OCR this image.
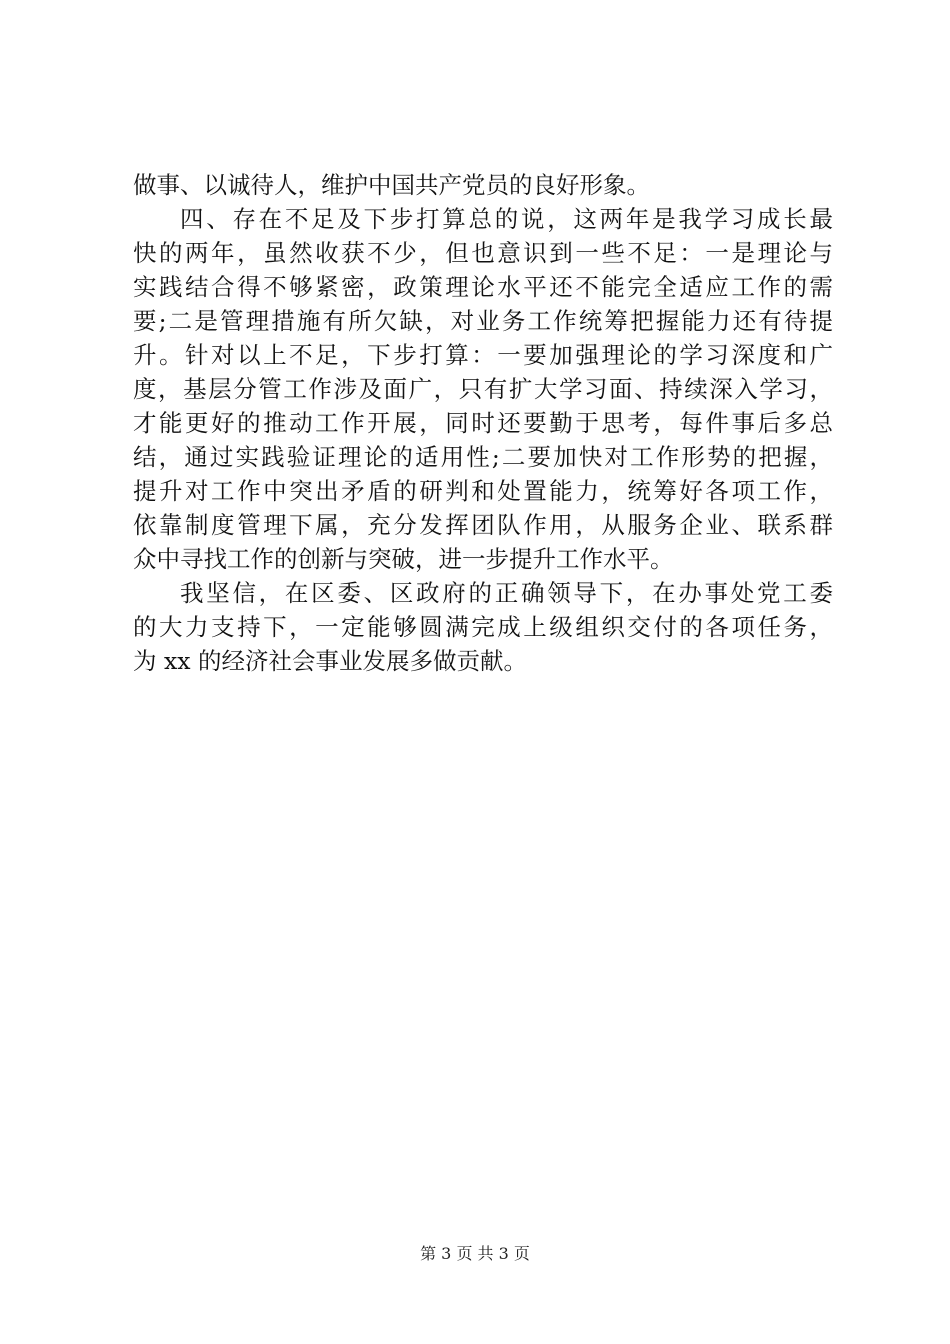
做事、以诚待人，维护中国共产党员的良好形象。
四、存在不足及下步打算总的说，这两年是我学习成长最
快的两年，虽然收获不少，但也意识到一些不足：一是理论与
实践结合得不够紧密，政策理论水平还不能完全适应工作的需
要;二是管理措施有所欠缺，对业务工作统筹把握能力还有待提
升。针对以上不足，下步打算：一要加强理论的学习深度和广
度，基层分管工作涉及面广，只有扩大学习面、持续深入学习，
才能更好的推动工作开展，同时还要勤于思考，每件事后多总
结，通过实践验证理论的适用性;二要加快对工作形势的把握，
提升对工作中突出矛盾的研判和处置能力，统筹好各项工作，
依靠制度管理下属，充分发挥团队作用，从服务企业、联系群
众中寻找工作的创新与突破，进一步提升工作水平。
我坚信，在区委、区政府的正确领导下，在办事处党工委
的大力支持下，一定能够圆满完成上级组织交付的各项任务，
为 xx 的经济社会事业发展多做贡献。
第 3 页 共 3 页
